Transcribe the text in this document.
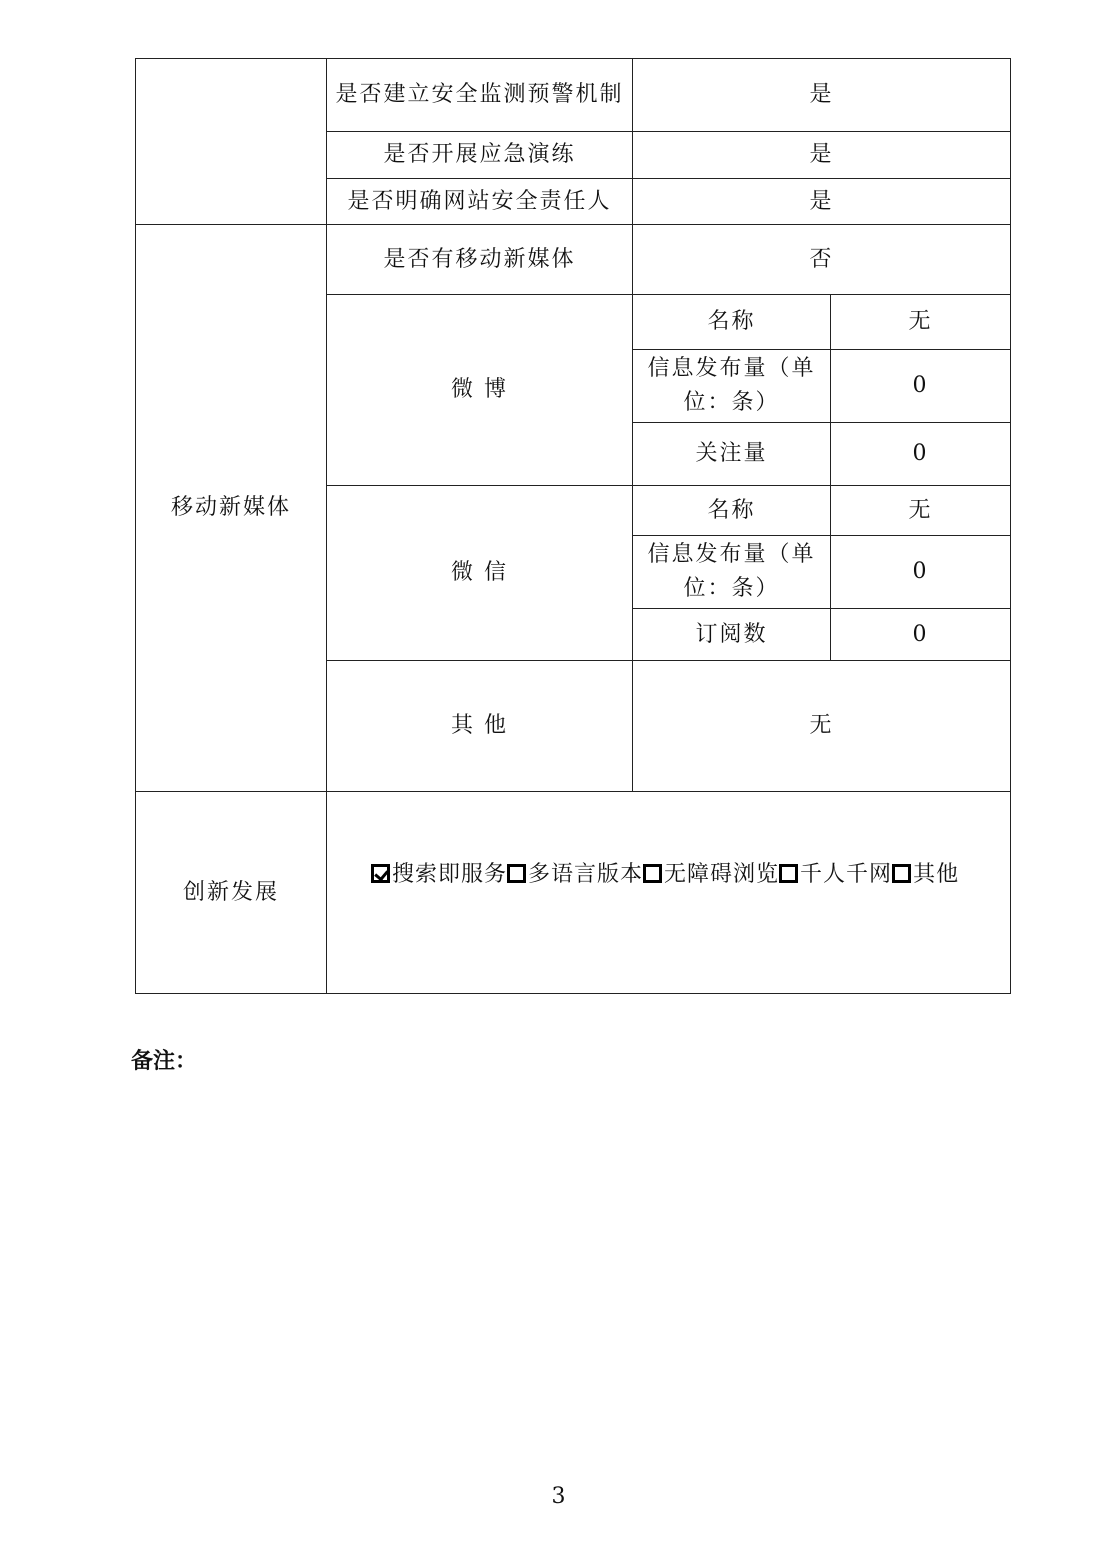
	是否建立安全监测预警机制	是	
	是否开展应急演练	是	
	是否明确网站安全责任人	是	
移动新媒体	是否有移动新媒体	否	
	微 博	名称	无
		信息发布量（单位：条）	0
		关注量	0
	微 信	名称	无
		信息发布量（单位：条）	0
		订阅数	0
	其 他	无	
创新发展	搜索即服务 多语言版本 无障碍浏览 千人千网 其他		
备注：
3
